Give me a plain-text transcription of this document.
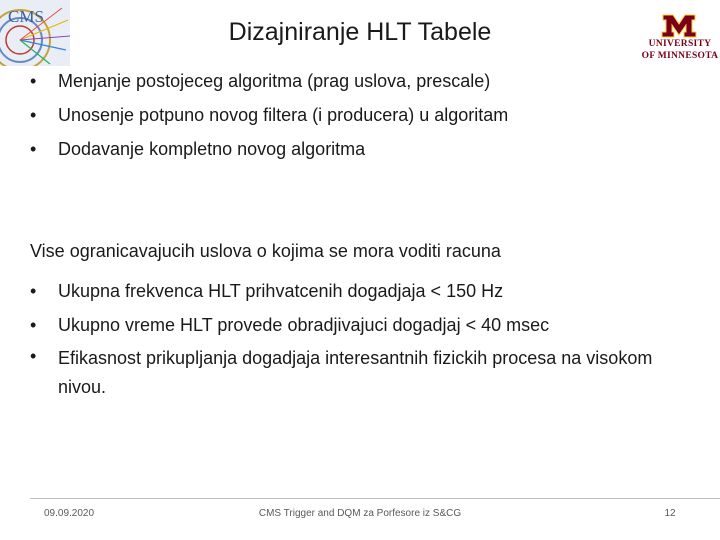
CMS
Dizajniranje HLT Tabele	UNIVERSITY
OF MINNESOTA
• Menjanje postojeceg algoritma (prag uslova, prescale)
• Unosenje potpuno novog filtera (i producera) u algoritam
• Dodavanje kompletno novog algoritma

Vise ogranicavajucih uslova o kojima se mora voditi racuna

• Ukupna frekvenca HLT prihvatcenih dogadjaja < 150 Hz
• Ukupno vreme HLT provede obradjivajuci dogadjaj < 40 msec
• Efikasnost prikupljanja dogadjaja interesantnih fizickih procesa na visokom nivou.
09.09.2020	CMS Trigger and DQM za Porfesore iz S&CG	12
